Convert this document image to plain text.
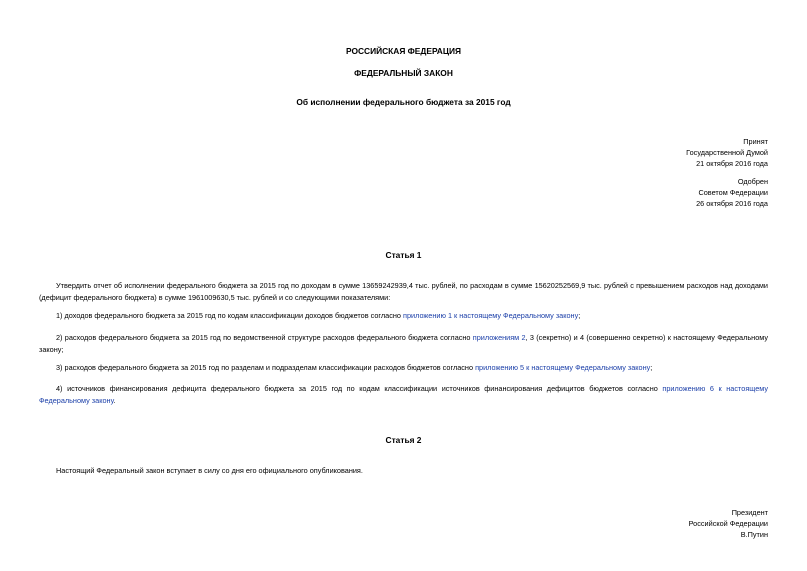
РОССИЙСКАЯ ФЕДЕРАЦИЯ
ФЕДЕРАЛЬНЫЙ ЗАКОН
Об исполнении федерального бюджета за 2015 год
Принят
Государственной Думой
21 октября 2016 года
Одобрен
Советом Федерации
26 октября 2016 года
Статья 1
Утвердить отчет об исполнении федерального бюджета за 2015 год по доходам в сумме 13659242939,4 тыс. рублей, по расходам в сумме 15620252569,9 тыс. рублей с превышением расходов над доходами (дефицит федерального бюджета) в сумме 1961009630,5 тыс. рублей и со следующими показателями:
1) доходов федерального бюджета за 2015 год по кодам классификации доходов бюджетов согласно приложению 1 к настоящему Федеральному закону;
2) расходов федерального бюджета за 2015 год по ведомственной структуре расходов федерального бюджета согласно приложениям 2, 3 (секретно) и 4 (совершенно секретно) к настоящему Федеральному закону;
3) расходов федерального бюджета за 2015 год по разделам и подразделам классификации расходов бюджетов согласно приложению 5 к настоящему Федеральному закону;
4) источников финансирования дефицита федерального бюджета за 2015 год по кодам классификации источников финансирования дефицитов бюджетов согласно приложению 6 к настоящему Федеральному закону.
Статья 2
Настоящий Федеральный закон вступает в силу со дня его официального опубликования.
Президент
Российской Федерации
В.Путин
